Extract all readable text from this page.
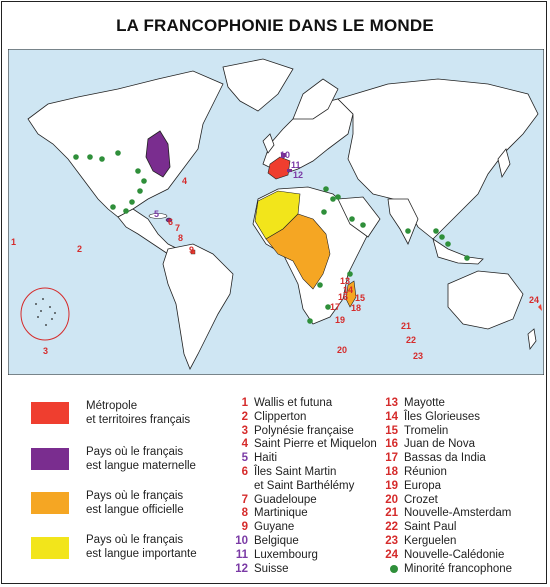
LA FRANCOPHONIE DANS LE MONDE
1
2
3
4
6
7
8
9
13
14
15
16
17 18
19
20
21
22
23
24
5
10
11
12
Métropole
et territoires français
Pays où le français
est langue maternelle
Pays où le français
est langue officielle
Pays où le français
est langue importante
1 Wallis et futuna
2 Clipperton
3 Polynésie française
4 Saint Pierre et Miquelon
5 Haiti
6 Îles Saint Martin
et Saint Barthélémy
7 Guadeloupe
8 Martinique
9 Guyane
10 Belgique
11 Luxembourg
12 Suisse
13 Mayotte
14 Îles Glorieuses
15 Tromelin
16 Juan de Nova
17 Bassas da India
18 Réunion
19 Europa
20 Crozet
21 Nouvelle-Amsterdam
22 Saint Paul
23 Kerguelen
24 Nouvelle-Calédonie
Minorité francophone
